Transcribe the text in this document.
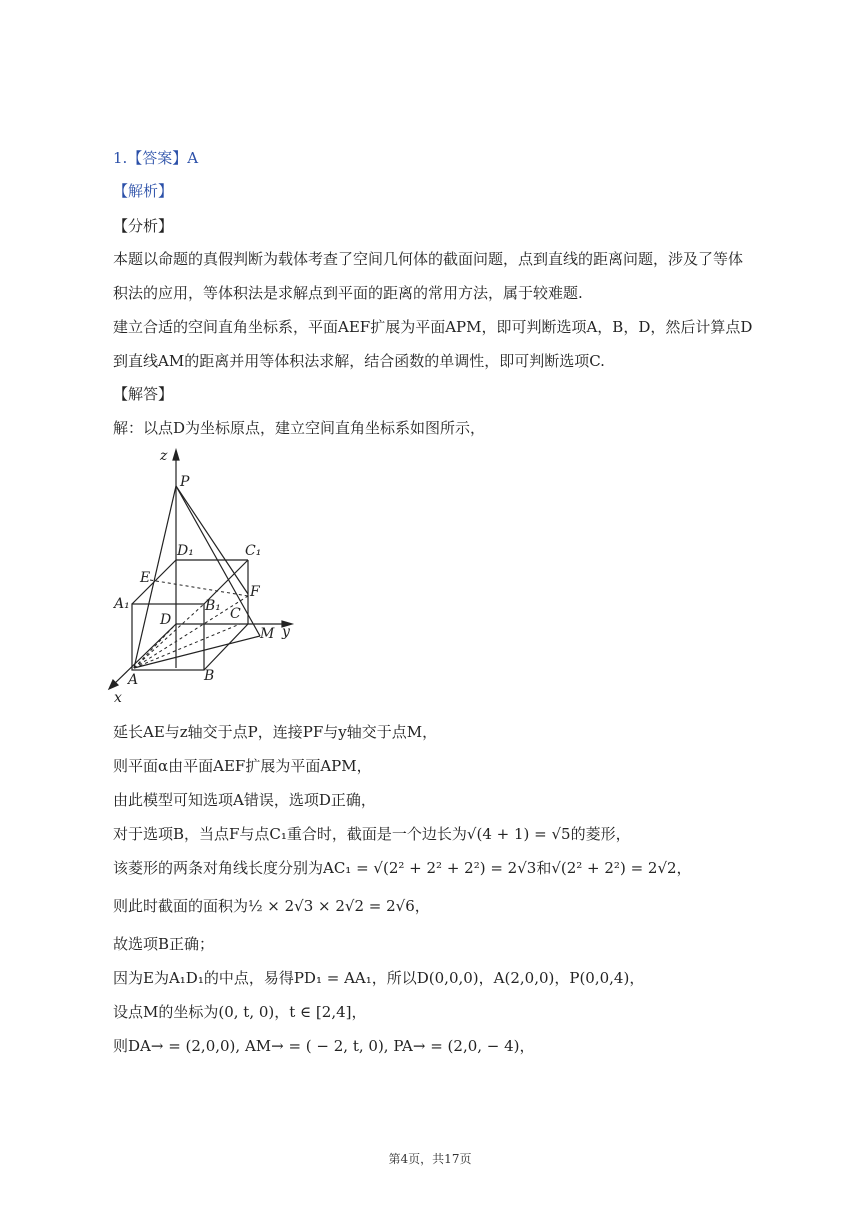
1.【答案】A
【解析】
【分析】
本题以命题的真假判断为载体考查了空间几何体的截面问题，点到直线的距离问题，涉及了等体
积法的应用，等体积法是求解点到平面的距离的常用方法，属于较难题.
建立合适的空间直角坐标系，平面AEF扩展为平面APM，即可判断选项A，B，D，然后计算点D
到直线AM的距离并用等体积法求解，结合函数的单调性，即可判断选项C.
【解答】
解：以点D为坐标原点，建立空间直角坐标系如图所示，
z
P
D₁	C₁
E
F
A₁	B₁ C
D
M y
A	B
x
延长AE与z轴交于点P，连接PF与y轴交于点M，
则平面α由平面AEF扩展为平面APM，
由此模型可知选项A错误，选项D正确，
对于选项B，当点F与点C₁重合时，截面是一个边长为√(4 + 1) = √5的菱形，
该菱形的两条对角线长度分别为AC₁ = √(2² + 2² + 2²) = 2√3和√(2² + 2²) = 2√2，
则此时截面的面积为½ × 2√3 × 2√2 = 2√6，
故选项B正确；
因为E为A₁D₁的中点，易得PD₁ = AA₁，所以D(0,0,0)，A(2,0,0)，P(0,0,4)，
设点M的坐标为(0, t, 0)，t ∈ [2,4]，
则DA→ = (2,0,0), AM→ = ( − 2, t, 0), PA→ = (2,0, − 4)，
第4页，共17页
